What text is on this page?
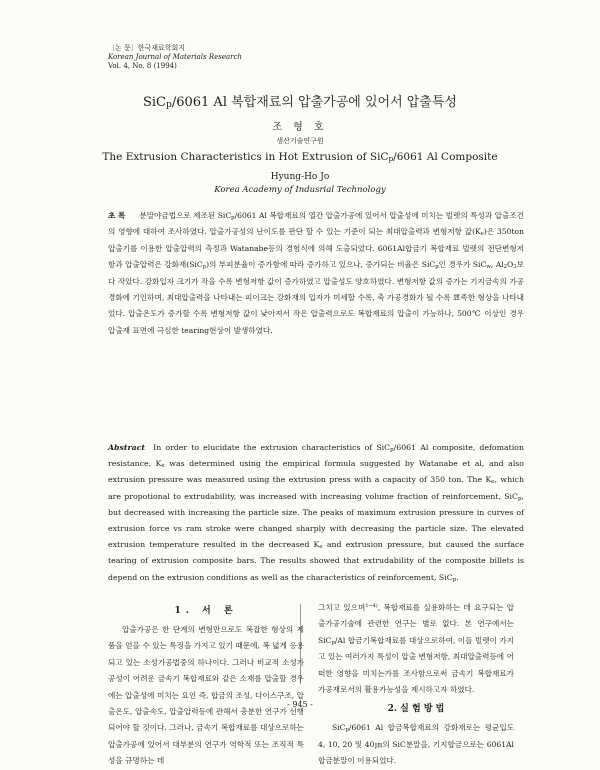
〔논 문〕한국재료학회지
Korean Journal of Materials Research
Vol. 4, No. 8 (1994)
SiC$_p$/6061 Al 복합재료의 압출가공에 있어서 압출특성
조 형 호
생산기술연구원
The Extrusion Characteristics in Hot Extrusion of SiC$_p$/6061 Al Composite
Hyung-Ho Jo
Korea Academy of Indusrial Technology
초 록 분말야금법으로 제조된 SiC$_p$/6061 Al 복합재료의 열간 압출가공에 있어서 압출성에 미치는 빌렛의 특성과 압출조건의 영향에 대하여 조사하였다. 압출가공성의 난이도를 판단 할 수 있는 기준이 되는 최대압출력과 변형저항 값$(K_e)$은 350ton 압출기를 이용한 압출압력의 측정과 Watanabe등의 경험식에 의해 도출되었다. 6061Al합금기 복합재료 빌렛의 전단변형저항과 압출압력은 강화재(SiC$_p$)의 부피분율이 증가함에 따라 증가하고 있으나, 증가되는 비율은 SiC$_p$인 경우가 SiC$_w$, $Al_2O_3$보다 작았다. 강화입자 크기가 작을 수록 변형저항 값이 증가하였고 압출성도 양호하였다. 변형저항 값의 증가는 기지금속의 가공경화에 기인하며, 최대압출력을 나타내는 피이크는 강화재의 입자가 미세할 수록, 축 가공경화가 될 수록 뾰족한 형상을 나타내었다. 압출온도가 증가할 수록 변형저항 값이 낮아져서 작은 압출력으로도 복합재료의 압출이 가능하나, 500℃ 이상인 경우 압출재 표면에 극심한 tearing현상이 발생하였다.
Abstract In order to elucidate the extrusion characteristics of SiC$_p$/6061 Al composite, defomation resistance, $K_e$ was determined using the empirical formula suggested by Watanabe et al, and also extrusion pressure was measured using the extrusion press with a capacity of 350 ton. The $K_e$, which are propotional to extrudability, was increased with increasing volume fraction of reinforcement, SiC$_p$, but decreased with increasing the particle size. The peaks of maximum extrusion pressure in curves of extrusion force vs ram stroke were changed sharply with decreasing the particle size. The elevated extrusion temperature resulted in the decreased $K_e$ and extrusion pressure, but caused the surface tearing of extrusion composite bars. The results showed that extrudability of the composite billets is depend on the extrusion conditions as well as the characteristics of reinforcement, SiC$_p$.
1. 서 론
압출가공은 한 단계의 변형만으로도 복잡한 형상의 제품을 얻을 수 있는 특징을 가지고 있기 때문에, 폭 넓게 응용되고 있는 소성가공법중의 하나이다. 그러나 비교적 소성가공성이 어려운 금속기 복합재료와 같은 소재를 압출할 경우에는 압출성에 미치는 요인 즉, 합금의 조성, 다이스구조, 압출온도, 압출속도, 압출압력등에 관해서 충분한 연구가 선행되어야 할 것이다. 그러나, 금속기 복합재료를 대상으로하는 압출가공에 있어서 대부분의 연구가 역학적 또는 조직적 특성을 규명하는 데
그치고 있으며$^{1\sim 4)}$, 복합재료를 실용화하는 데 요구되는 압출가공기술에 관련한 연구는 별로 없다. 본 연구에서는 SiC$_p$/Al 합금기복합재료를 대상으로하여, 이들 빌렛이 가지고 있는 여러가지 특성이 압출 변형저항, 최대압출력등에 어떠한 영향을 미치는가를 조사함으로써 금속기 복합재료가 가공재로서의 활용가능성을 제시하고자 하였다.
2. 실 험 방 법
SiC$_p$/6061 Al 합금복합재료의 강화재로는 평균입도 4, 10, 20 및 40㎛의 SiC분말을, 기지합금으로는 6061Al합금분말이 이용되었다.
- 945 -
